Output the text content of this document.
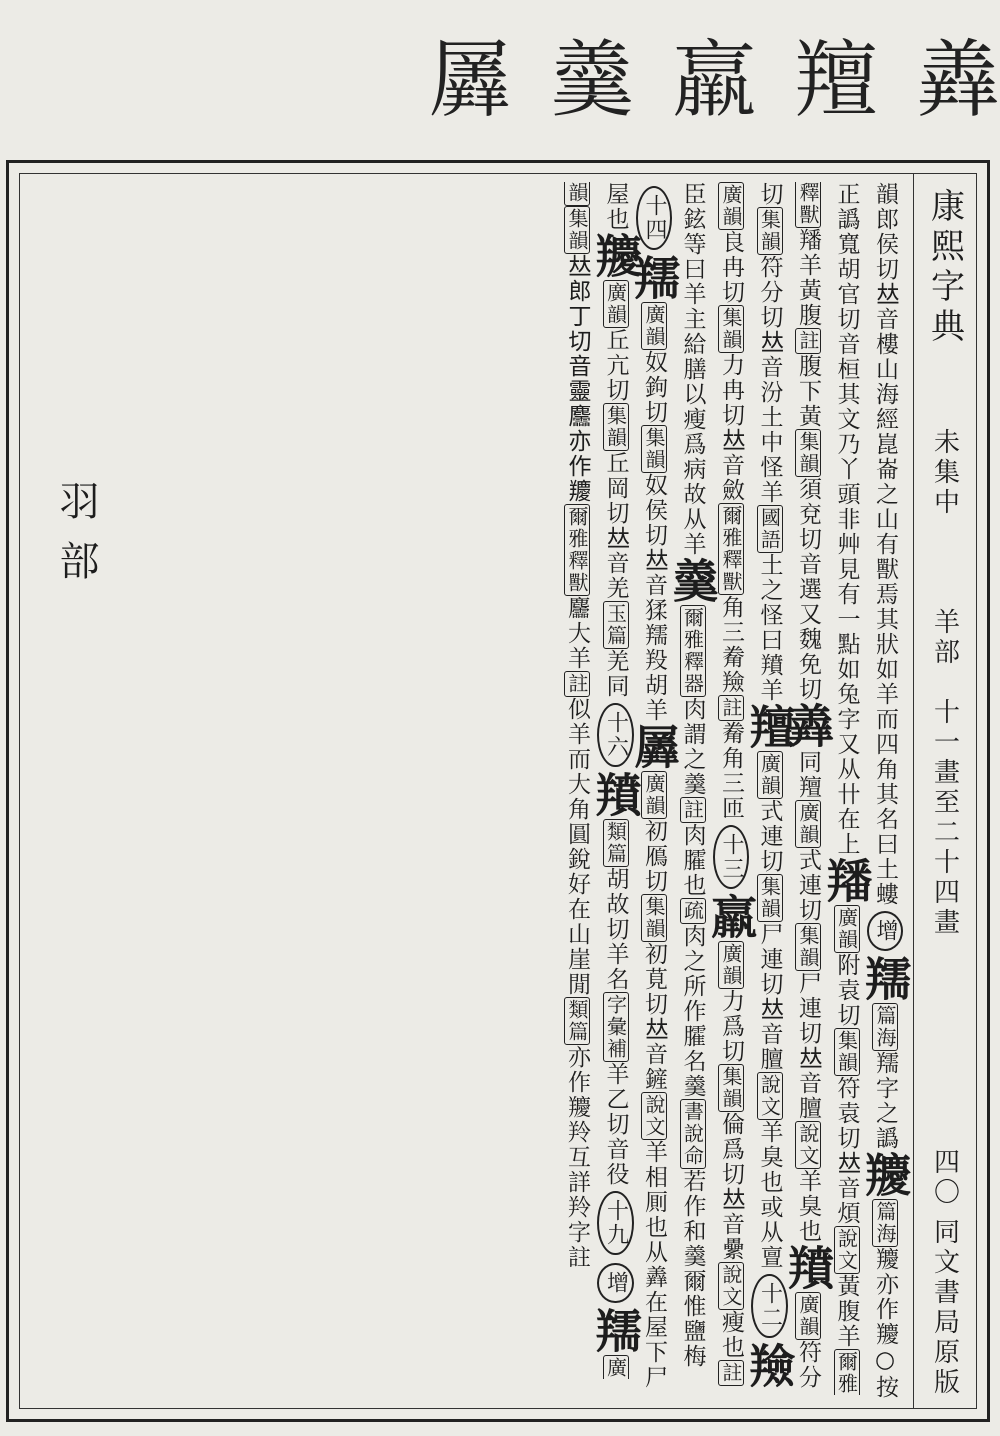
羴
羶
羸
羹
羼
康熙字典
未集中
羊部　十一畫至二十四畫
四〇
同文書局原版
韻郎侯切𠀤音樓山海經崑崙之山有獸焉其狀如羊而四角其名曰土螻增羺篇海羺字之譌羻篇海羻亦作羻○按正譌寬胡官切音桓其文乃丫頭非艸見有一點如兔字又从卄在上羳廣韻附袁切集韻符袁切𠀤音煩說文黃腹羊爾雅釋獸羳羊黃腹註腹下黃集韻須兗切音選又魏免切羴同羶廣韻式連切集韻尸連切𠀤音膻說文羊臭也羵廣韻符分切集韻符分切𠀤音汾土中怪羊國語土之怪曰羵羊羶廣韻式連切集韻尸連切𠀤音膻說文羊臭也或从亶十二羷廣韻良冉切集韻力冉切𠀤音斂爾雅釋獸角三觠羷註觠角三匝十三羸廣韻力爲切集韻倫爲切𠀤音纍說文瘦也註臣鉉等曰羊主給膳以瘦爲病故从羊羹爾雅釋器肉謂之羹註肉臛也疏肉之所作臛名羹書說命若作和羹爾惟鹽梅十四羺廣韻奴鉤切集韻奴侯切𠀤音猱羺羖胡羊羼廣韻初鴈切集韻初莧切𠀤音鏟說文羊相厠也从羴在屋下尸屋也羻廣韻丘亢切集韻丘岡切𠀤音羌玉篇羌同十六羵類篇胡故切羊名字彙補羊乙切音役十九增羺廣韻集韻𠀤郎丁切音靈麢亦作羻爾雅釋獸麢大羊註似羊而大角圓銳好在山崖閒類篇亦作羻羚互詳羚字註
羽部
